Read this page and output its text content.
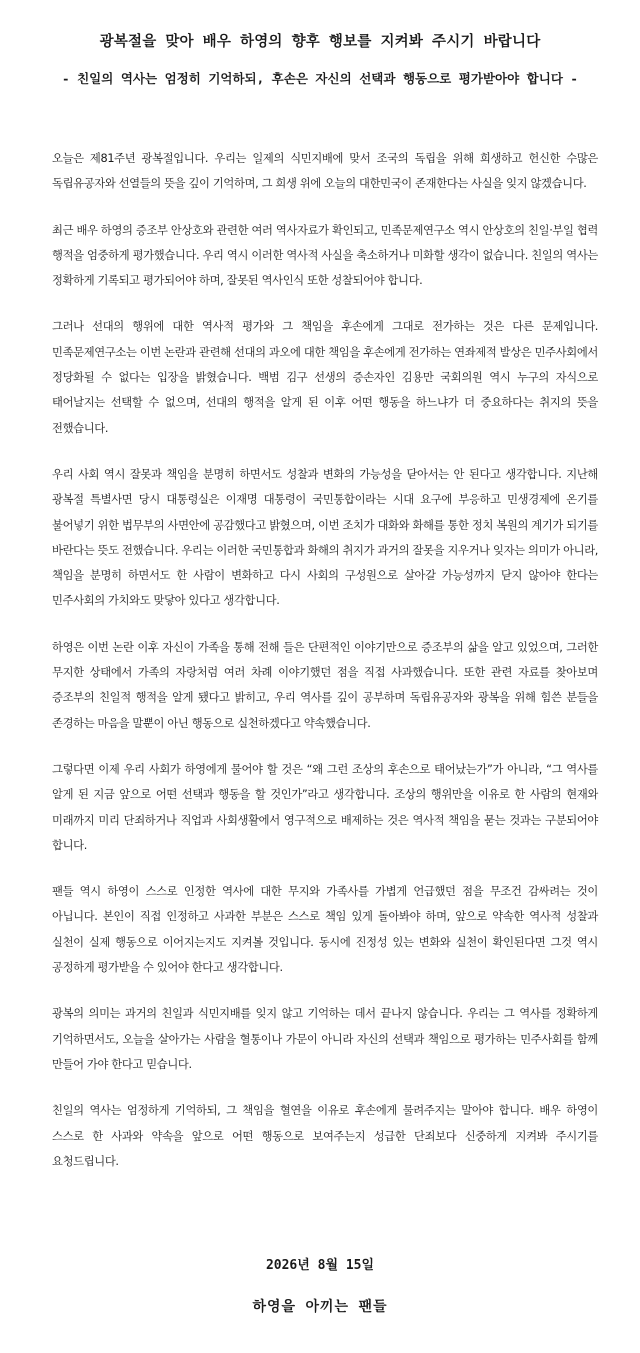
광복절을 맞아 배우 하영의 향후 행보를 지켜봐 주시기 바랍니다
- 친일의 역사는 엄정히 기억하되, 후손은 자신의 선택과 행동으로 평가받아야 합니다 -

오늘은 제81주년 광복절입니다. 우리는 일제의 식민지배에 맞서 조국의 독립을 위해 희생하고 헌신한 수많은 독립유공자와 선열들의 뜻을 깊이 기억하며, 그 희생 위에 오늘의 대한민국이 존재한다는 사실을 잊지 않겠습니다.

최근 배우 하영의 증조부 안상호와 관련한 여러 역사자료가 확인되고, 민족문제연구소 역시 안상호의 친일·부일 협력 행적을 엄중하게 평가했습니다. 우리 역시 이러한 역사적 사실을 축소하거나 미화할 생각이 없습니다. 친일의 역사는 정확하게 기록되고 평가되어야 하며, 잘못된 역사인식 또한 성찰되어야 합니다.

그러나 선대의 행위에 대한 역사적 평가와 그 책임을 후손에게 그대로 전가하는 것은 다른 문제입니다. 민족문제연구소는 이번 논란과 관련해 선대의 과오에 대한 책임을 후손에게 전가하는 연좌제적 발상은 민주사회에서 정당화될 수 없다는 입장을 밝혔습니다. 백범 김구 선생의 증손자인 김용만 국회의원 역시 누구의 자식으로 태어날지는 선택할 수 없으며, 선대의 행적을 알게 된 이후 어떤 행동을 하느냐가 더 중요하다는 취지의 뜻을 전했습니다.

우리 사회 역시 잘못과 책임을 분명히 하면서도 성찰과 변화의 가능성을 닫아서는 안 된다고 생각합니다. 지난해 광복절 특별사면 당시 대통령실은 이재명 대통령이 국민통합이라는 시대 요구에 부응하고 민생경제에 온기를 불어넣기 위한 법무부의 사면안에 공감했다고 밝혔으며, 이번 조치가 대화와 화해를 통한 정치 복원의 계기가 되기를 바란다는 뜻도 전했습니다. 우리는 이러한 국민통합과 화해의 취지가 과거의 잘못을 지우거나 잊자는 의미가 아니라, 책임을 분명히 하면서도 한 사람이 변화하고 다시 사회의 구성원으로 살아갈 가능성까지 닫지 않아야 한다는 민주사회의 가치와도 맞닿아 있다고 생각합니다.

하영은 이번 논란 이후 자신이 가족을 통해 전해 들은 단편적인 이야기만으로 증조부의 삶을 알고 있었으며, 그러한 무지한 상태에서 가족의 자랑처럼 여러 차례 이야기했던 점을 직접 사과했습니다. 또한 관련 자료를 찾아보며 증조부의 친일적 행적을 알게 됐다고 밝히고, 우리 역사를 깊이 공부하며 독립유공자와 광복을 위해 힘쓴 분들을 존경하는 마음을 말뿐이 아닌 행동으로 실천하겠다고 약속했습니다.

그렇다면 이제 우리 사회가 하영에게 물어야 할 것은 “왜 그런 조상의 후손으로 태어났는가”가 아니라, “그 역사를 알게 된 지금 앞으로 어떤 선택과 행동을 할 것인가”라고 생각합니다. 조상의 행위만을 이유로 한 사람의 현재와 미래까지 미리 단죄하거나 직업과 사회생활에서 영구적으로 배제하는 것은 역사적 책임을 묻는 것과는 구분되어야 합니다.

팬들 역시 하영이 스스로 인정한 역사에 대한 무지와 가족사를 가볍게 언급했던 점을 무조건 감싸려는 것이 아닙니다. 본인이 직접 인정하고 사과한 부분은 스스로 책임 있게 돌아봐야 하며, 앞으로 약속한 역사적 성찰과 실천이 실제 행동으로 이어지는지도 지켜볼 것입니다. 동시에 진정성 있는 변화와 실천이 확인된다면 그것 역시 공정하게 평가받을 수 있어야 한다고 생각합니다.

광복의 의미는 과거의 친일과 식민지배를 잊지 않고 기억하는 데서 끝나지 않습니다. 우리는 그 역사를 정확하게 기억하면서도, 오늘을 살아가는 사람을 혈통이나 가문이 아니라 자신의 선택과 책임으로 평가하는 민주사회를 함께 만들어 가야 한다고 믿습니다.

친일의 역사는 엄정하게 기억하되, 그 책임을 혈연을 이유로 후손에게 물려주지는 말아야 합니다. 배우 하영이 스스로 한 사과와 약속을 앞으로 어떤 행동으로 보여주는지 성급한 단죄보다 신중하게 지켜봐 주시기를 요청드립니다.

2026년 8월 15일
하영을 아끼는 팬들
